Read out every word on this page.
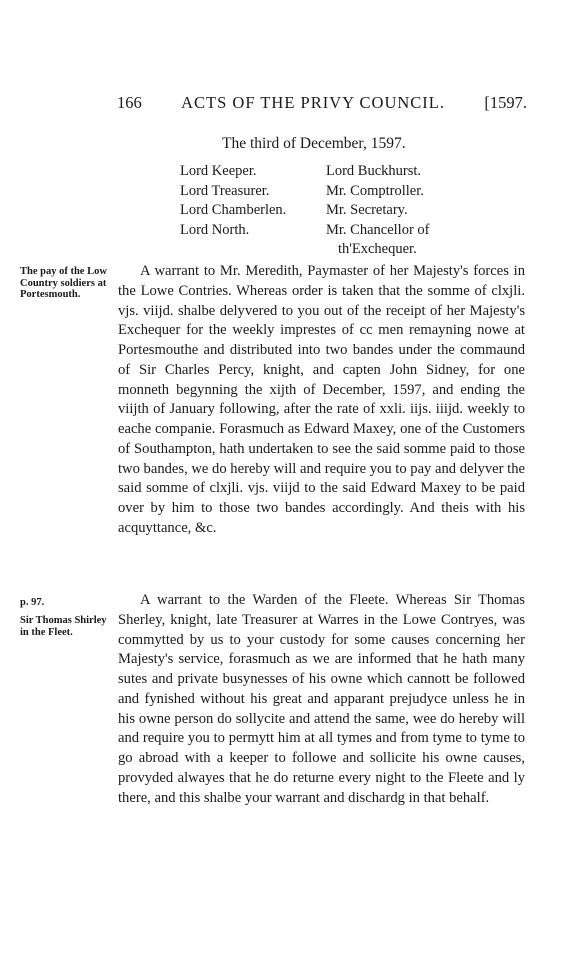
166 ACTS OF THE PRIVY COUNCIL. [1597.
The third of December, 1597.
Lord Keeper.	Lord Buckhurst.
Lord Treasurer.	Mr. Comptroller.
Lord Chamberlen.	Mr. Secretary.
Lord North.	Mr. Chancellor of
th'Exchequer.
The pay of the Low Country soldiers at Portesmouth.

A warrant to Mr. Meredith, Paymaster of her Majesty's forces in the Lowe Contries. Whereas order is taken that the somme of clxjli. vjs. viijd. shalbe delyvered to you out of the receipt of her Majesty's Exchequer for the weekly imprestes of cc men remayning nowe at Portesmouthe and distributed into two bandes under the commaund of Sir Charles Percy, knight, and capten John Sidney, for one monneth begynning the xijth of December, 1597, and ending the viijth of January following, after the rate of xxli. iijs. iiijd. weekly to eache companie. Forasmuch as Edward Maxey, one of the Customers of Southampton, hath undertaken to see the said somme paid to those two bandes, we do hereby will and require you to pay and delyver the said somme of clxjli. vjs. viijd to the said Edward Maxey to be paid over by him to those two bandes accordingly. And theis with his acquyttance, &c.

p. 97.
Sir Thomas Shirley in the Fleet.

A warrant to the Warden of the Fleete. Whereas Sir Thomas Sherley, knight, late Treasurer at Warres in the Lowe Contryes, was commytted by us to your custody for some causes concerning her Majesty's service, forasmuch as we are informed that he hath many sutes and private busynesses of his owne which cannott be followed and fynished without his great and apparant prejudyce unless he in his owne person do sollycite and attend the same, wee do hereby will and require you to permytt him at all tymes and from tyme to tyme to go abroad with a keeper to followe and sollicite his owne causes, provyded alwayes that he do returne every night to the Fleete and ly there, and this shalbe your warrant and dischardg in that behalf.
